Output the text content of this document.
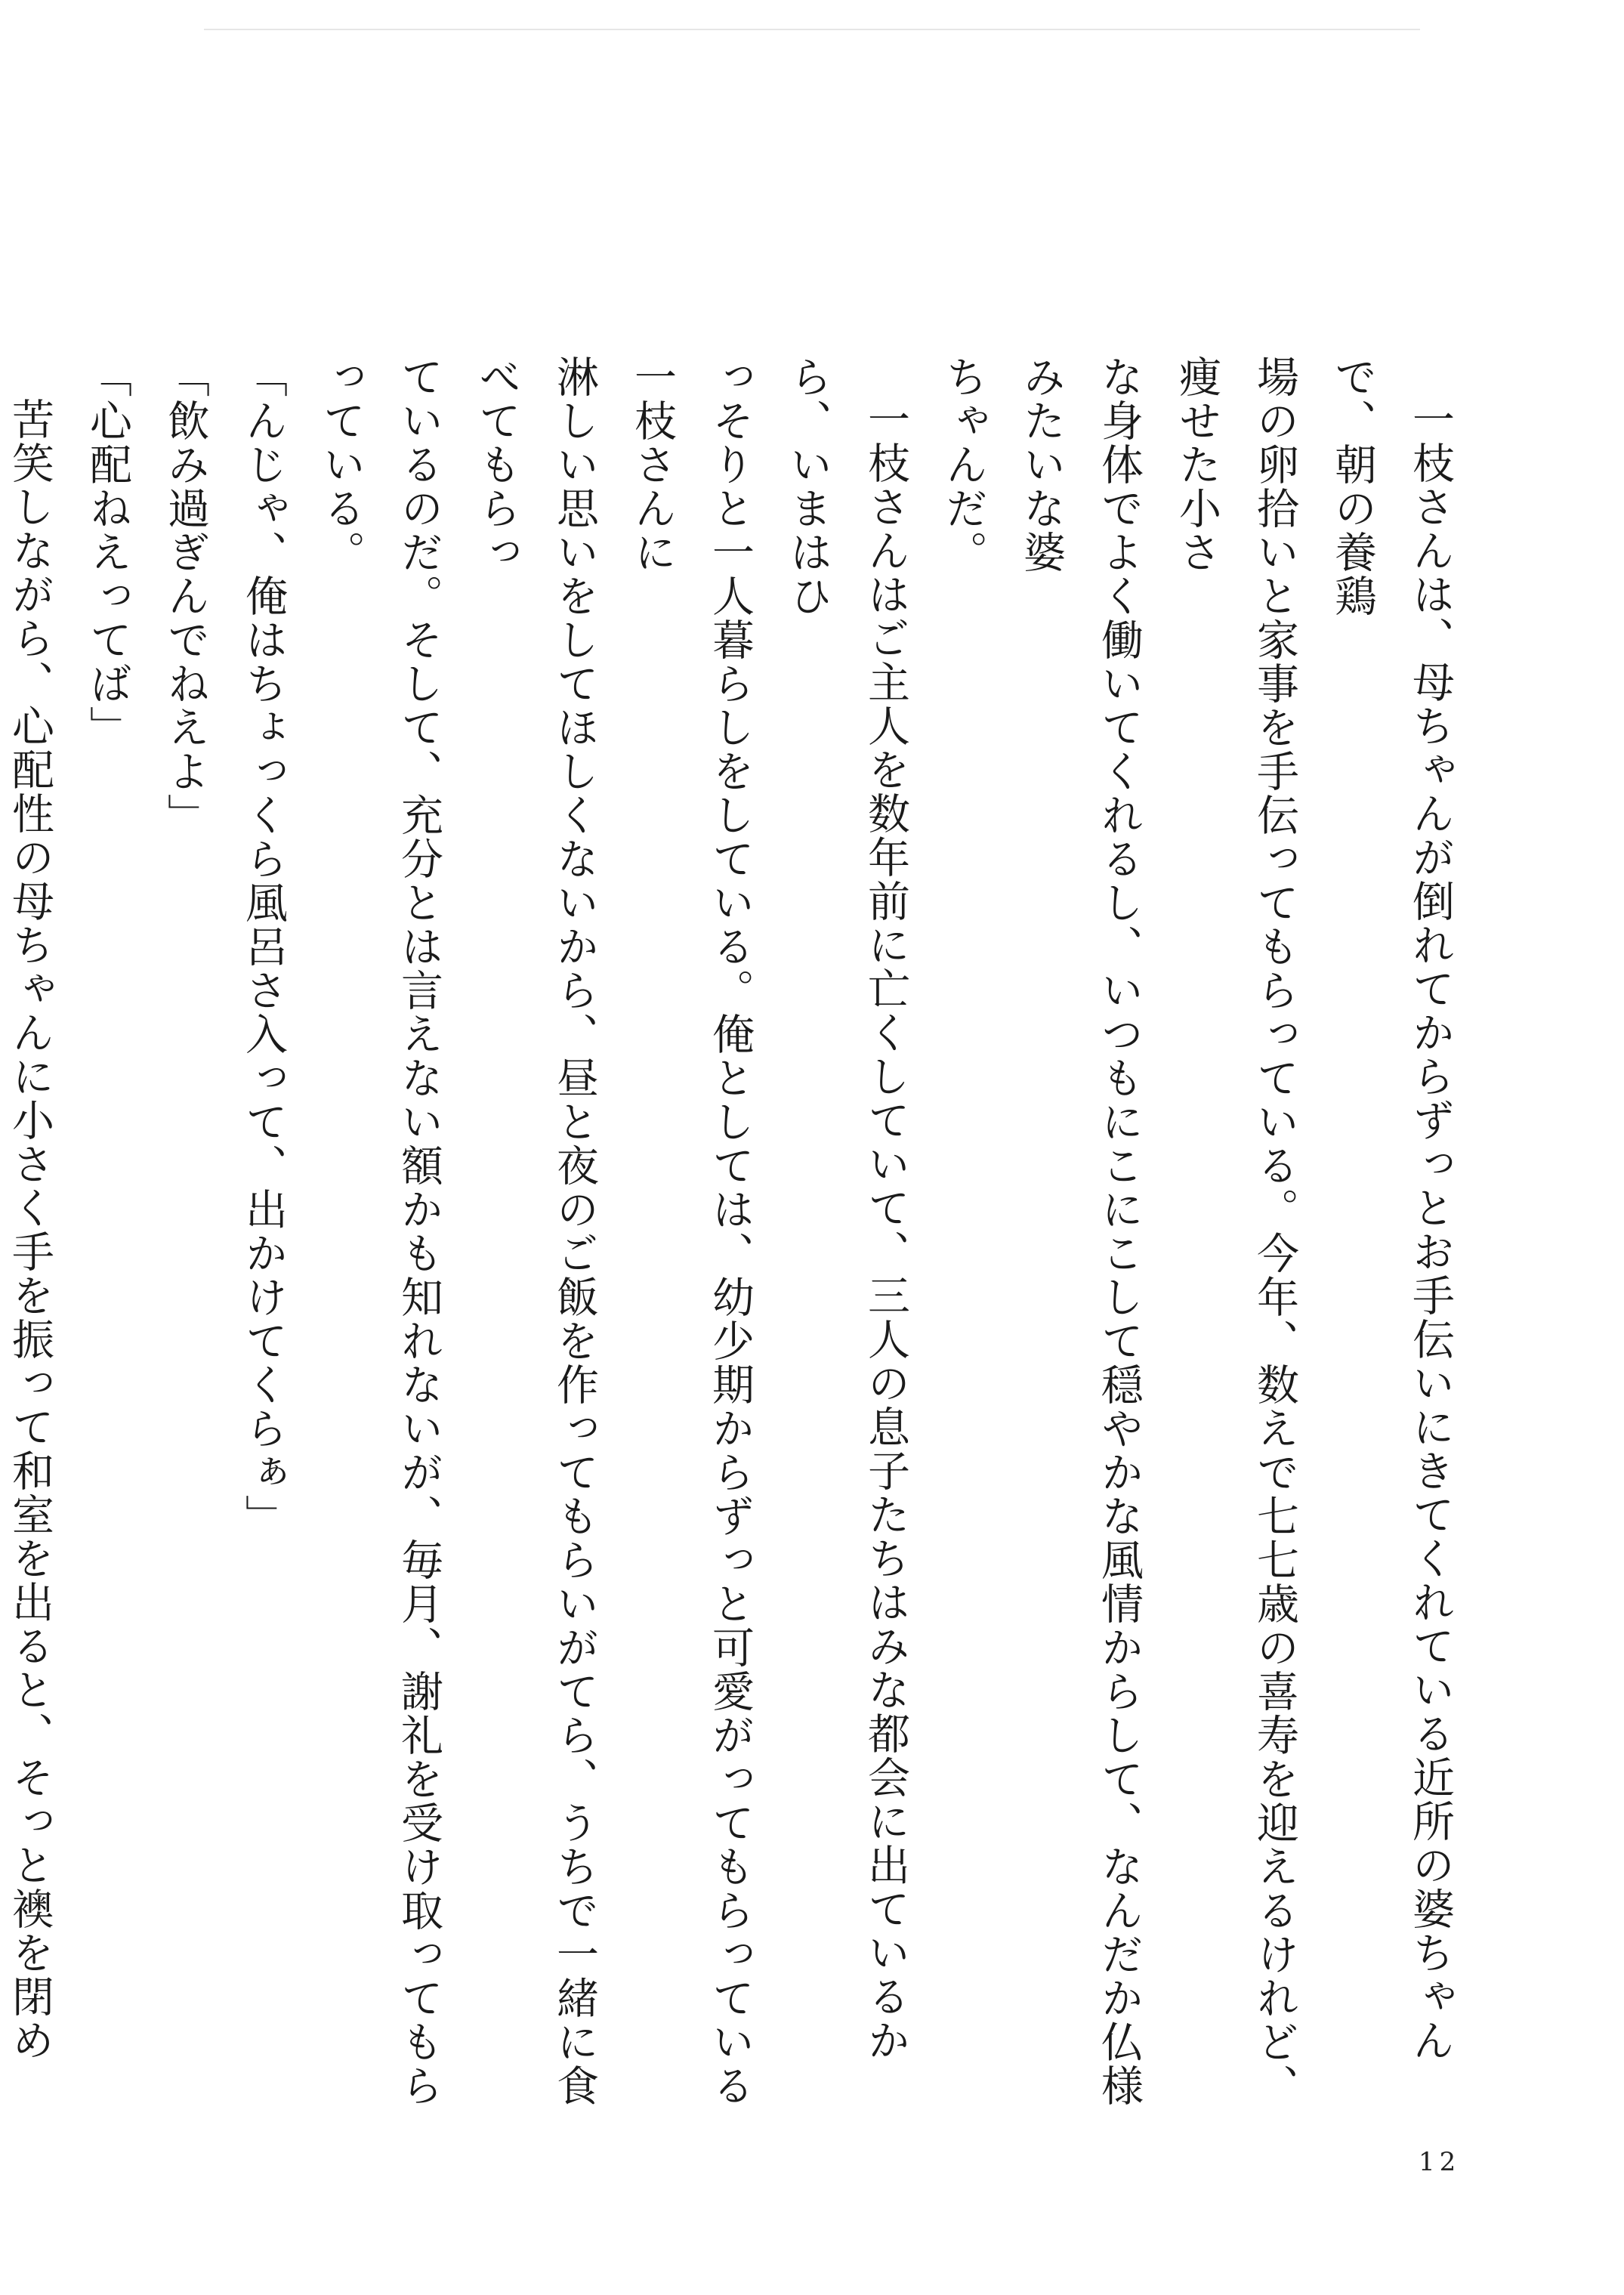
一枝さんは、母ちゃんが倒れてからずっとお手伝いにきてくれている近所の婆ちゃんで、朝の養鶏
場の卵拾いと家事を手伝ってもらっている。今年、数えで七七歳の喜寿を迎えるけれど、痩せた小さ
な身体でよく働いてくれるし、いつもにこにこして穏やかな風情からして、なんだか仏様みたいな婆
ちゃんだ。

一枝さんはご主人を数年前に亡くしていて、三人の息子たちはみな都会に出ているから、いまはひ
っそりと一人暮らしをしている。俺としては、幼少期からずっと可愛がってもらっている一枝さんに
淋しい思いをしてほしくないから、昼と夜のご飯を作ってもらいがてら、うちで一緒に食べてもらっ
ているのだ。そして、充分とは言えない額かも知れないが、毎月、謝礼を受け取ってもらっている。

「んじゃ、俺はちょっくら風呂さ入って、出かけてくらぁ」

「飲み過ぎんでねえよ」

「心配ねえってば」

苦笑しながら、心配性の母ちゃんに小さく手を振って和室を出ると、そっと襖を閉め

12
